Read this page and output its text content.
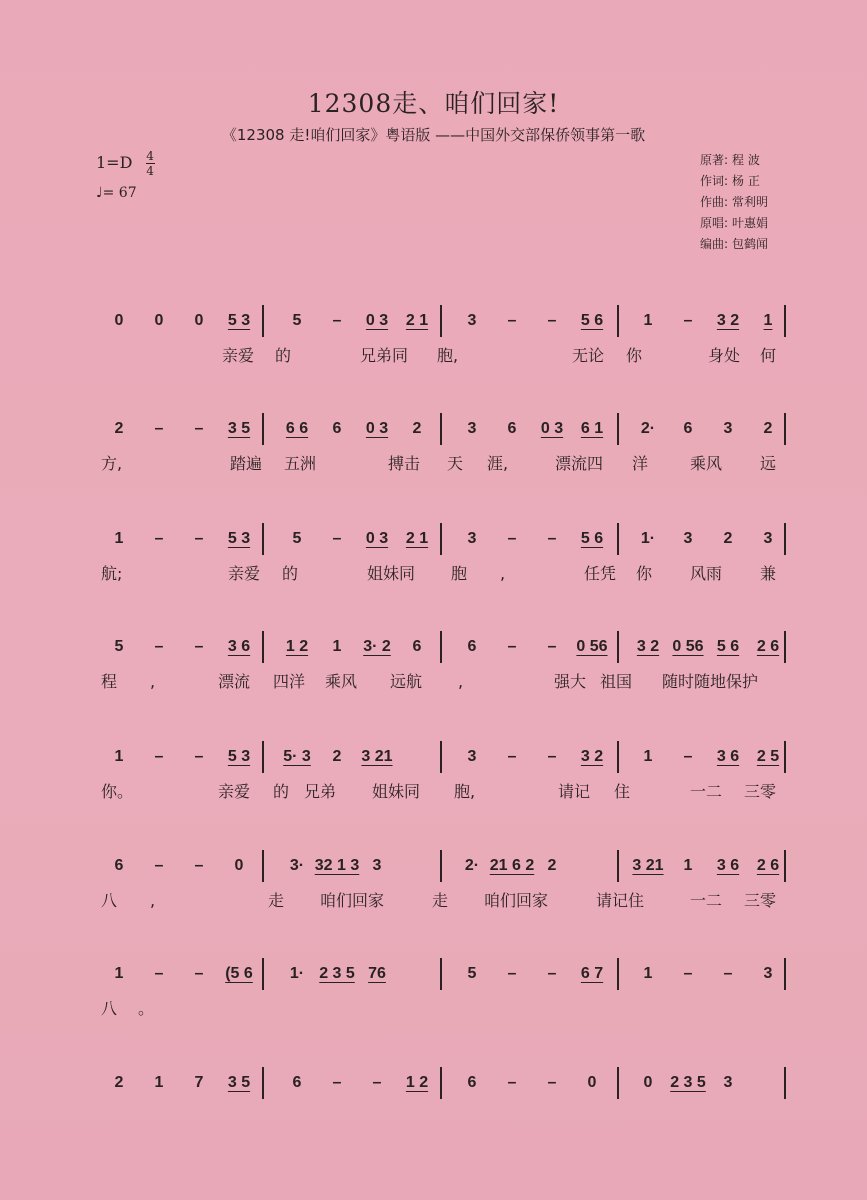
12308走、咱们回家!
《12308 走!咱们回家》粤语版 ——中国外交部保侨领事第一歌
$1=D \frac{4}{4}$
♩= 67
原著: 程 波
作词: 杨 正
作曲: 常利明
原唱: 叶惠娟
编曲: 包鹤闻
0 0 0 5 3	5 – 0 3 2 1 3 – – 5 6	1 – 3 2 1
亲爱 的	兄弟同 胞,	无论 你	身处 何
2 – – 3 5 6 6 6 0 3 2	3 6 0 3 6 1 2· 6 3 2
方,	踏遍 五洲	搏击 天 涯,	漂流四 洋	乘风 远
1 – – 5 3	5 – 0 3 2 1 3 – – 5 6 1· 3 2 3
航;	亲爱 的	姐妹同 胞 ,	任凭 你 风雨 兼
5 – – 3 6 1 2 1 3· 2 6	6 – – 0 56 3 2 0 56 5 6 2 6
程 ,	漂流 四洋 乘风 远航 ,	强大 祖国 随时随地保护
1 – – 5 3 5· 3 2 3 21	3 – – 3 2	1 – 3 6 2 5
你。	亲爱 的 兄弟 姐妹同 胞,	请记 住	一二 三零
6 – – 0	3· 32 1 3 3	2· 21 6 2 2	3 21 1 3 6 2 6
八 ,	走 咱们回家	走 咱们回家	请记住	一二 三零
1 – – (5 6 1· 2 3 5 76	5 – – 6 7	1 – – 3
八 。
2 1 7 3 5	6 – – 1 2 6 – – 0	0 2 3 5 3
